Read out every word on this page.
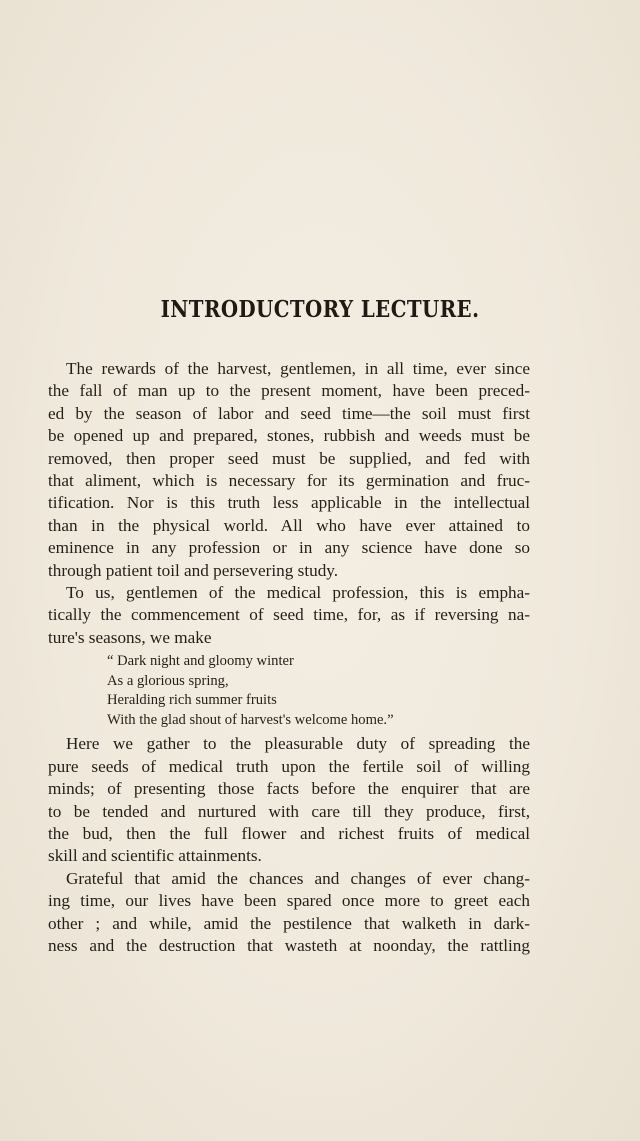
INTRODUCTORY LECTURE.
The rewards of the harvest, gentlemen, in all time, ever since
the fall of man up to the present moment, have been preced-
ed by the season of labor and seed time—the soil must first
be opened up and prepared, stones, rubbish and weeds must be
removed, then proper seed must be supplied, and fed with
that aliment, which is necessary for its germination and fruc-
tification. Nor is this truth less applicable in the intellectual
than in the physical world. All who have ever attained to
eminence in any profession or in any science have done so
through patient toil and persevering study.
To us, gentlemen of the medical profession, this is empha-
tically the commencement of seed time, for, as if reversing na-
ture's seasons, we make
“ Dark night and gloomy winter
As a glorious spring,
Heralding rich summer fruits
With the glad shout of harvest's welcome home.”
Here we gather to the pleasurable duty of spreading the
pure seeds of medical truth upon the fertile soil of willing
minds; of presenting those facts before the enquirer that are
to be tended and nurtured with care till they produce, first,
the bud, then the full flower and richest fruits of medical
skill and scientific attainments.
Grateful that amid the chances and changes of ever chang-
ing time, our lives have been spared once more to greet each
other ; and while, amid the pestilence that walketh in dark-
ness and the destruction that wasteth at noonday, the rattling
